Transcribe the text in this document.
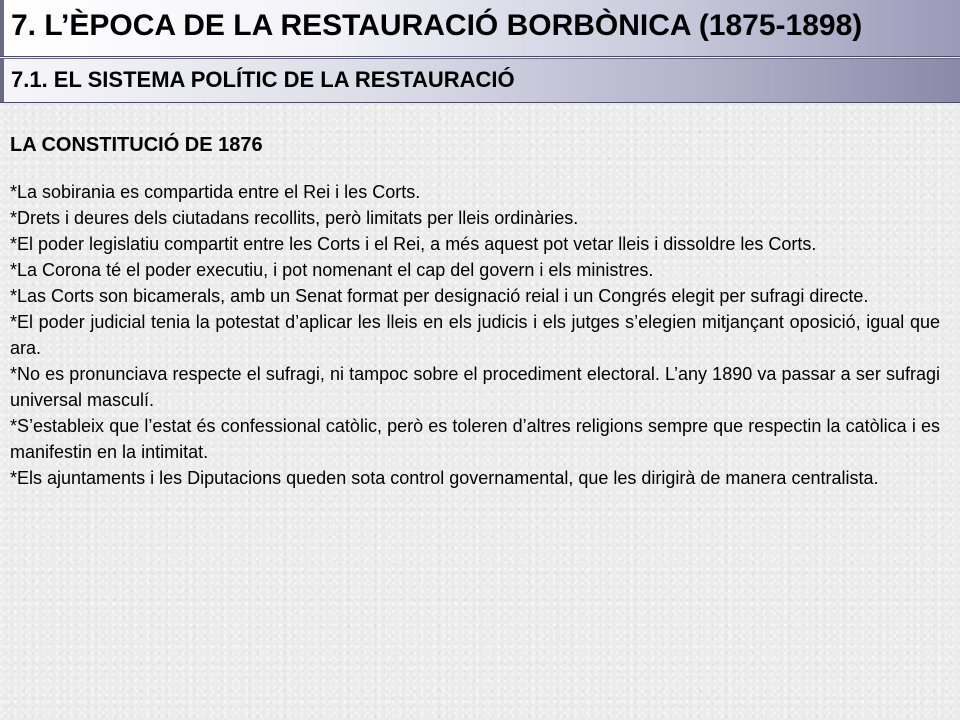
7. L’ÈPOCA DE LA RESTAURACIÓ BORBÒNICA (1875-1898)
7.1. EL SISTEMA POLÍTIC DE LA RESTAURACIÓ
LA CONSTITUCIÓ DE 1876
*La sobirania es compartida entre el Rei i les Corts.
*Drets i deures dels ciutadans recollits, però limitats per lleis ordinàries.
*El poder legislatiu compartit entre les Corts i el Rei, a més aquest pot vetar lleis i dissoldre les Corts.
*La Corona té el poder executiu, i pot nomenant el cap del govern i els ministres.
*Las Corts son bicamerals, amb un Senat format per designació reial i un Congrés elegit per sufragi directe.
*El poder judicial tenia la potestat d’aplicar les lleis en els judicis i els jutges s’elegien mitjançant oposició, igual que ara.
*No es pronunciava respecte el sufragi, ni tampoc sobre el procediment electoral. L’any 1890 va passar a ser sufragi universal masculí.
*S’estableix que l’estat és confessional catòlic, però es toleren d’altres religions sempre que respectin la catòlica i es manifestin en la intimitat.
*Els ajuntaments i les Diputacions queden sota control governamental, que les dirigirà de manera centralista.
